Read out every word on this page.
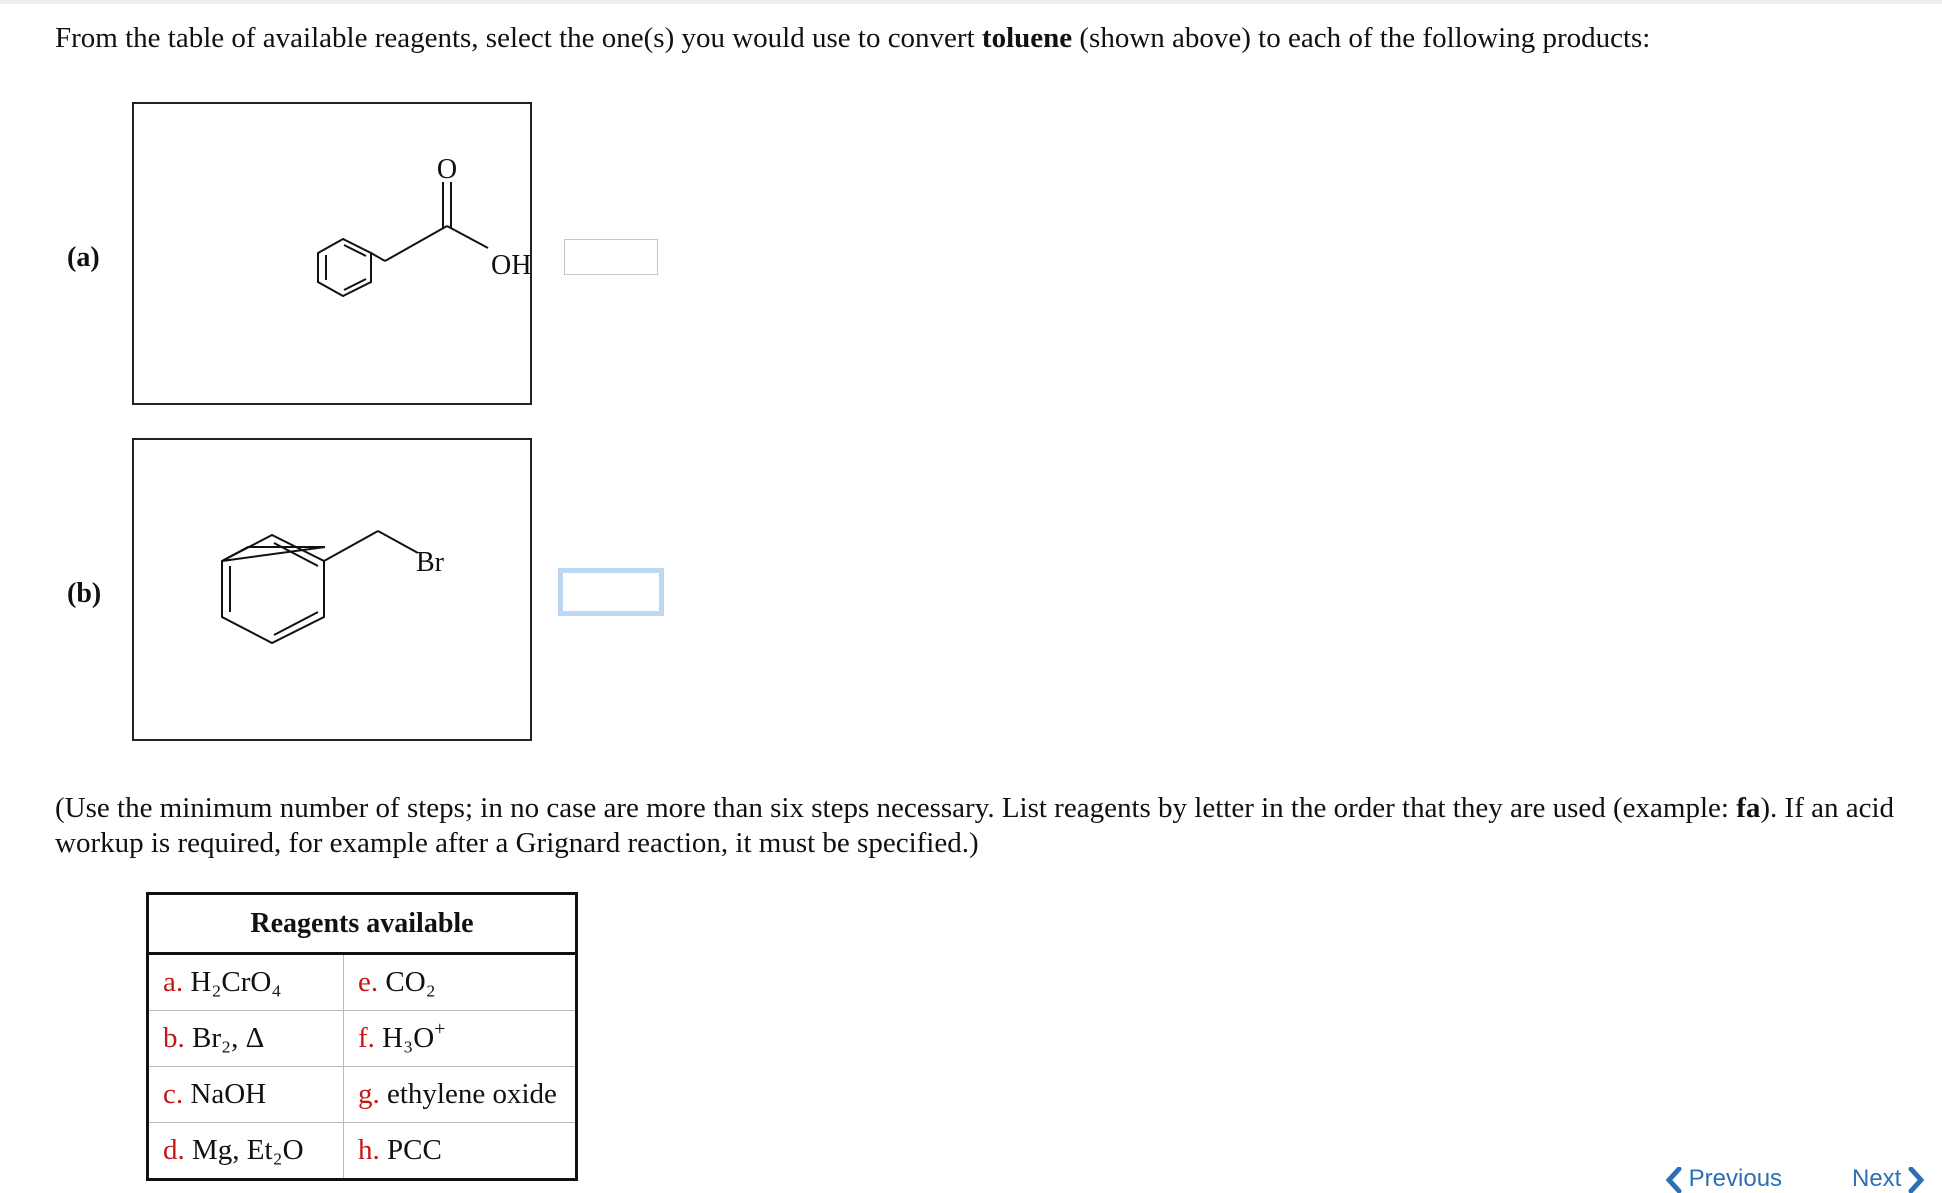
From the table of available reagents, select the one(s) you would use to convert toluene (shown above) to each of the following products:
(a)
O
OH
(b)
Br
(Use the minimum number of steps; in no case are more than six steps necessary. List reagents by letter in the order that they are used (example: fa). If an acid workup is required, for example after a Grignard reaction, it must be specified.)
Reagents available	
a. H₂CrO₄	e. CO₂
b. Br₂, Δ	f. H₃O+
c. NaOH	g. ethylene oxide
d. Mg, Et₂O	h. PCC
Previous	Next
